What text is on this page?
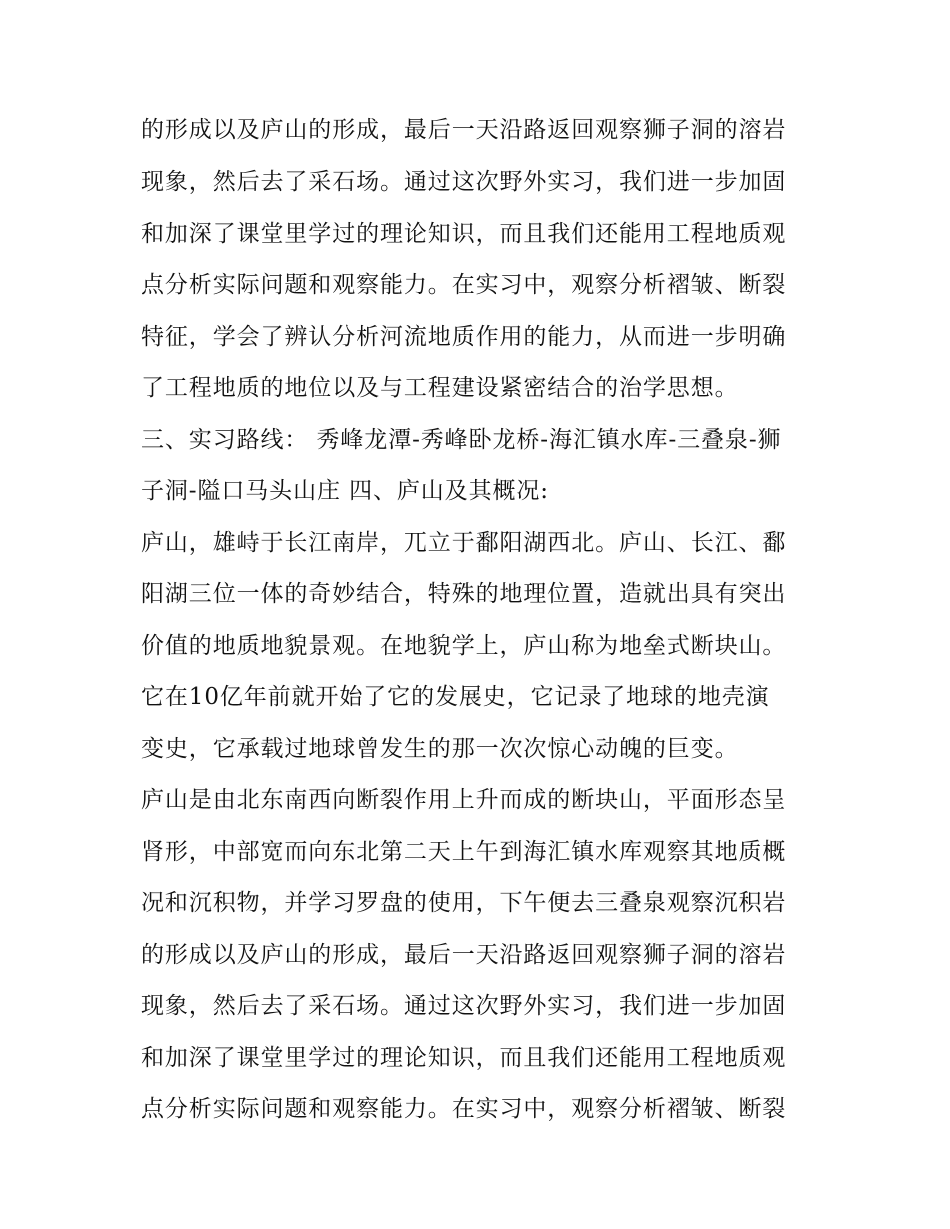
的形成以及庐山的形成，最后一天沿路返回观察狮子洞的溶岩
现象，然后去了采石场。通过这次野外实习，我们进一步加固
和加深了课堂里学过的理论知识，而且我们还能用工程地质观
点分析实际问题和观察能力。在实习中，观察分析褶皱、断裂
特征，学会了辨认分析河流地质作用的能力，从而进一步明确
了工程地质的地位以及与工程建设紧密结合的治学思想。
三、实习路线： 秀峰龙潭-秀峰卧龙桥-海汇镇水库-三叠泉-狮
子洞-隘口马头山庄 四、庐山及其概况:
庐山，雄峙于长江南岸，兀立于鄱阳湖西北。庐山、长江、鄱
阳湖三位一体的奇妙结合，特殊的地理位置，造就出具有突出
价值的地质地貌景观。在地貌学上，庐山称为地垒式断块山。
它在10亿年前就开始了它的发展史，它记录了地球的地壳演
变史，它承载过地球曾发生的那一次次惊心动魄的巨变。
庐山是由北东南西向断裂作用上升而成的断块山，平面形态呈
肾形，中部宽而向东北第二天上午到海汇镇水库观察其地质概
况和沉积物，并学习罗盘的使用，下午便去三叠泉观察沉积岩
的形成以及庐山的形成，最后一天沿路返回观察狮子洞的溶岩
现象，然后去了采石场。通过这次野外实习，我们进一步加固
和加深了课堂里学过的理论知识，而且我们还能用工程地质观
点分析实际问题和观察能力。在实习中，观察分析褶皱、断裂
